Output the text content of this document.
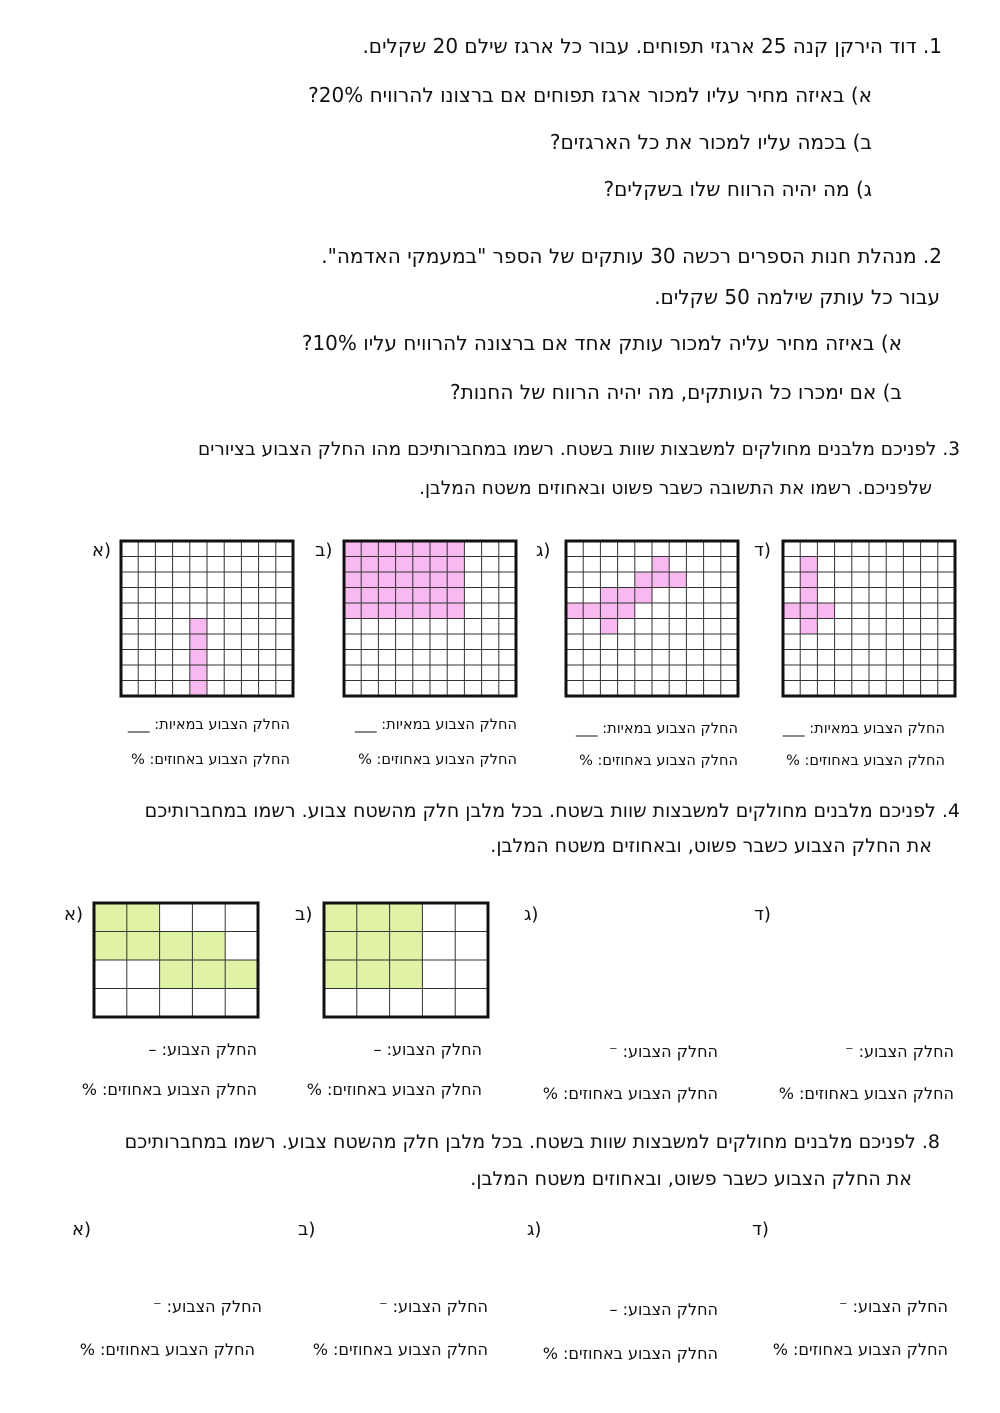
1. דוד הירקן קנה 25 ארגזי תפוחים. עבור כל ארגז שילם 20 שקלים.
א) באיזה מחיר עליו למכור ארגז תפוחים אם ברצונו להרוויח 20%?
ב) בכמה עליו למכור את כל הארגזים?
ג) מה יהיה הרווח שלו בשקלים?
2. מנהלת חנות הספרים רכשה 30 עותקים של הספר "במעמקי האדמה".
עבור כל עותק שילמה 50 שקלים.
א) באיזה מחיר עליה למכור עותק אחד אם ברצונה להרוויח עליו 10%?
ב) אם ימכרו כל העותקים, מה יהיה הרווח של החנות?
3. לפניכם מלבנים מחולקים למשבצות שוות בשטח. רשמו במחברותיכם מהו החלק הצבוע בציורים
שלפניכם. רשמו את התשובה כשבר פשוט ובאחוזים משטח המלבן.
א)	ב)	ג)	ד)
החלק הצבוע במאיות: ___
החלק הצבוע באחוזים: %
החלק הצבוע במאיות: ___
החלק הצבוע באחוזים: %
החלק הצבוע במאיות: ___
החלק הצבוע באחוזים: %
החלק הצבוע במאיות: ___
החלק הצבוע באחוזים: %
4. לפניכם מלבנים מחולקים למשבצות שוות בשטח. בכל מלבן חלק מהשטח צבוע. רשמו במחברותיכם
את החלק הצבוע כשבר פשוט, ובאחוזים משטח המלבן.
א)	ב)	ג)	ד)
החלק הצבוע: –
החלק הצבוע באחוזים: %
החלק הצבוע: –
החלק הצבוע באחוזים: %
החלק הצבוע: ⁻
החלק הצבוע באחוזים: %
החלק הצבוע: ⁻
החלק הצבוע באחוזים: %
8. לפניכם מלבנים מחולקים למשבצות שוות בשטח. בכל מלבן חלק מהשטח צבוע. רשמו במחברותיכם
את החלק הצבוע כשבר פשוט, ובאחוזים משטח המלבן.
א)	ב)	ג)	ד)
החלק הצבוע: ⁻
החלק הצבוע באחוזים: %
החלק הצבוע: ⁻
החלק הצבוע באחוזים: %
החלק הצבוע: –
החלק הצבוע באחוזים: %
החלק הצבוע: ⁻
החלק הצבוע באחוזים: %
